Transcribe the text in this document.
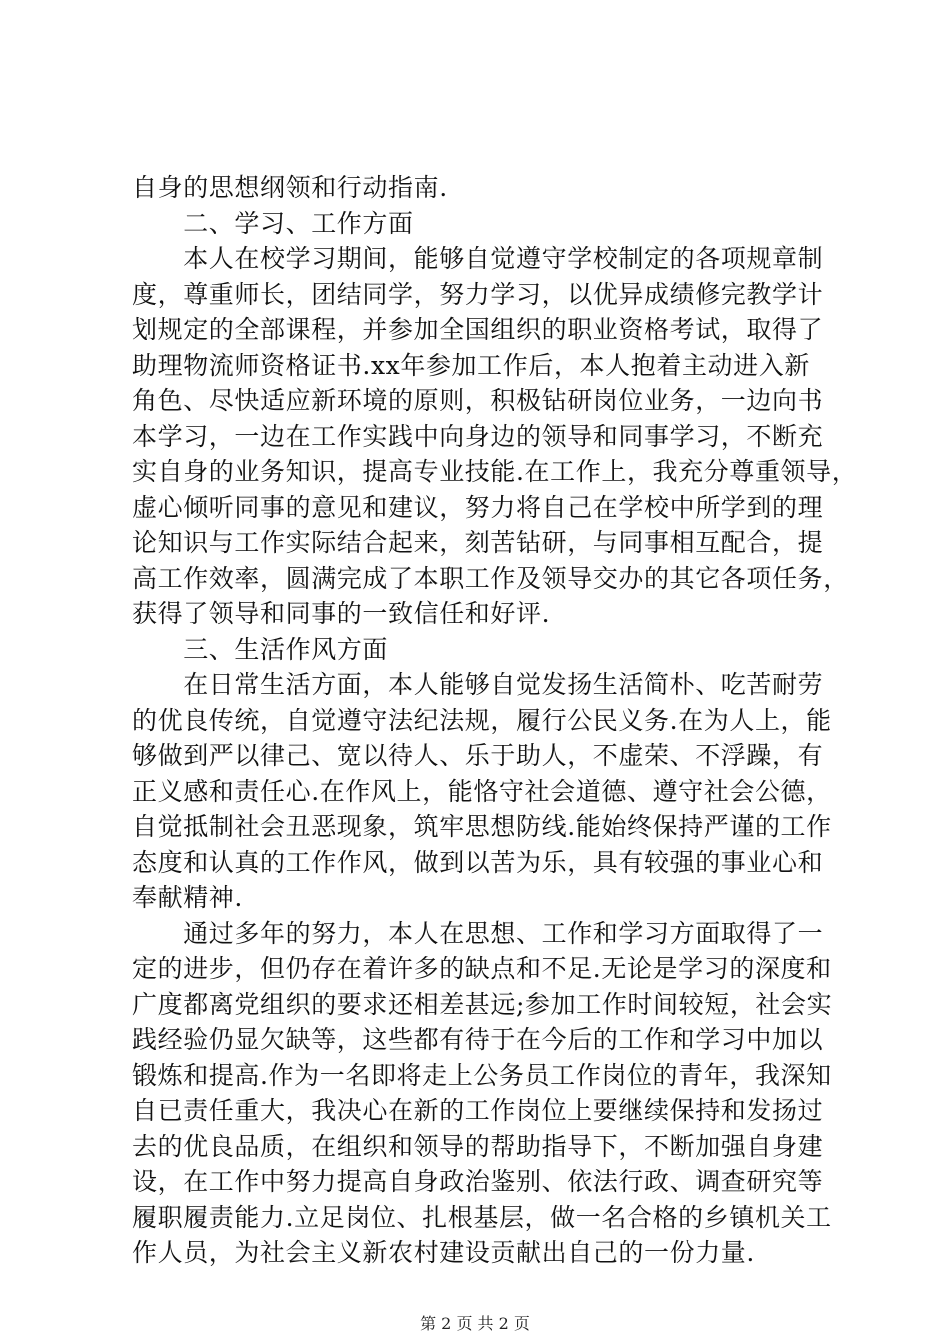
自身的思想纲领和行动指南.
　　二、学习、工作方面
　　本人在校学习期间，能够自觉遵守学校制定的各项规章制
度，尊重师长，团结同学，努力学习，以优异成绩修完教学计
划规定的全部课程，并参加全国组织的职业资格考试，取得了
助理物流师资格证书.xx年参加工作后，本人抱着主动进入新
角色、尽快适应新环境的原则，积极钻研岗位业务，一边向书
本学习，一边在工作实践中向身边的领导和同事学习，不断充
实自身的业务知识，提高专业技能.在工作上，我充分尊重领导，
虚心倾听同事的意见和建议，努力将自己在学校中所学到的理
论知识与工作实际结合起来，刻苦钻研，与同事相互配合，提
高工作效率，圆满完成了本职工作及领导交办的其它各项任务，
获得了领导和同事的一致信任和好评.
　　三、生活作风方面
　　在日常生活方面，本人能够自觉发扬生活简朴、吃苦耐劳
的优良传统，自觉遵守法纪法规，履行公民义务.在为人上，能
够做到严以律己、宽以待人、乐于助人，不虚荣、不浮躁，有
正义感和责任心.在作风上，能恪守社会道德、遵守社会公德，
自觉抵制社会丑恶现象，筑牢思想防线.能始终保持严谨的工作
态度和认真的工作作风，做到以苦为乐，具有较强的事业心和
奉献精神.
　　通过多年的努力，本人在思想、工作和学习方面取得了一
定的进步，但仍存在着许多的缺点和不足.无论是学习的深度和
广度都离党组织的要求还相差甚远;参加工作时间较短，社会实
践经验仍显欠缺等，这些都有待于在今后的工作和学习中加以
锻炼和提高.作为一名即将走上公务员工作岗位的青年，我深知
自已责任重大，我决心在新的工作岗位上要继续保持和发扬过
去的优良品质，在组织和领导的帮助指导下，不断加强自身建
设，在工作中努力提高自身政治鉴别、依法行政、调查研究等
履职履责能力.立足岗位、扎根基层，做一名合格的乡镇机关工
作人员，为社会主义新农村建设贡献出自己的一份力量.
第 2 页 共 2 页
